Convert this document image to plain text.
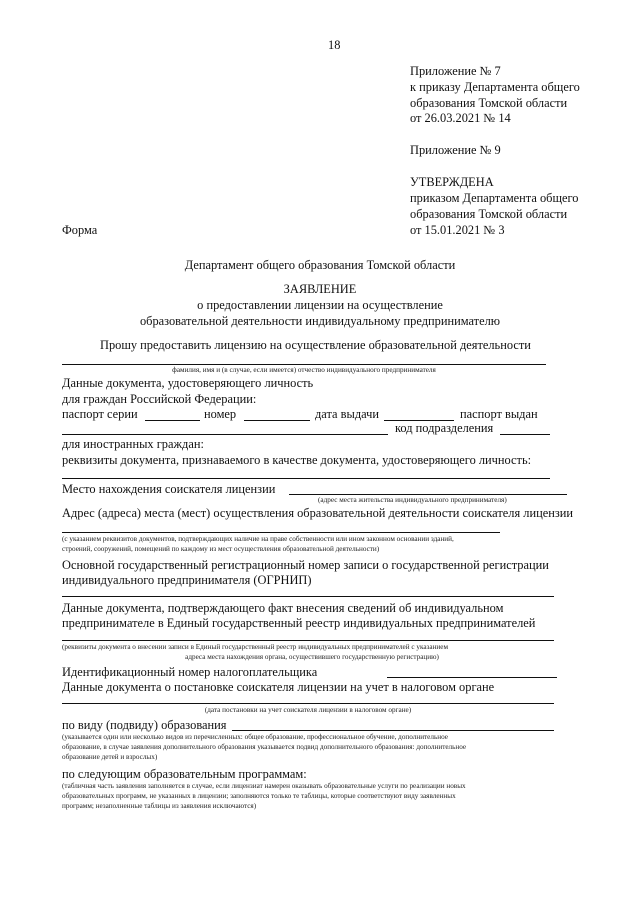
18
Приложение № 7
к приказу Департамента общего
образования Томской области
от 26.03.2021 № 14
Приложение № 9
УТВЕРЖДЕНА
приказом Департамента общего
образования Томской области
от 15.01.2021 № 3
Форма
Департамент общего образования Томской области
ЗАЯВЛЕНИЕ
о предоставлении лицензии на осуществление
образовательной деятельности индивидуальному предпринимателю
Прошу предоставить лицензию на осуществление образовательной деятельности
фамилия, имя и (в случае, если имеется) отчество индивидуального предпринимателя
Данные документа, удостоверяющего личность
для граждан Российской Федерации:
паспорт серии	номер	дата выдачи	паспорт выдан
код подразделения
для иностранных граждан:
реквизиты документа, признаваемого в качестве документа, удостоверяющего личность:
Место нахождения соискателя лицензии
(адрес места жительства индивидуального предпринимателя)
Адрес (адреса) места (мест) осуществления образовательной деятельности соискателя лицензии
(с указанием реквизитов документов, подтверждающих наличие на праве собственности или ином законном основании зданий,
строений, сооружений, помещений по каждому из мест осуществления образовательной деятельности)
Основной государственный регистрационный номер записи о государственной регистрации
индивидуального предпринимателя (ОГРНИП)
Данные документа, подтверждающего факт внесения сведений об индивидуальном
предпринимателе в Единый государственный реестр индивидуальных предпринимателей
(реквизиты документа о внесении записи в Единый государственный реестр индивидуальных предпринимателей с указанием
адреса места нахождения органа, осуществившего государственную регистрацию)
Идентификационный номер налогоплательщика
Данные документа о постановке соискателя лицензии на учет в налоговом органе
(дата постановки на учет соискателя лицензии в налоговом органе)
по виду (подвиду) образования
(указывается один или несколько видов из перечисленных: общее образование, профессиональное обучение, дополнительное
образование, в случае заявления дополнительного образования указывается подвид дополнительного образования: дополнительное
образование детей и взрослых)
по следующим образовательным программам:
(табличная часть заявления заполняется в случае, если лицензиат намерен оказывать образовательные услуги по реализации новых
образовательных программ, не указанных в лицензии; заполняются только те таблицы, которые соответствуют виду заявленных
программ; незаполненные таблицы из заявления исключаются)
